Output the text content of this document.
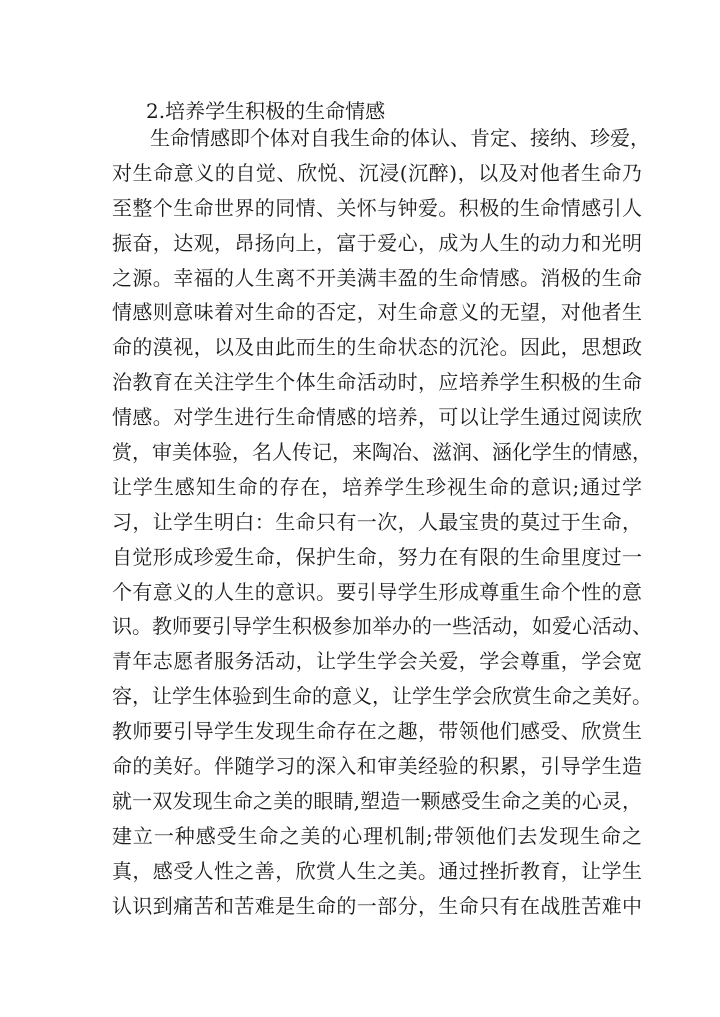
2.培养学生积极的生命情感
生命情感即个体对自我生命的体认、肯定、接纳、珍爱，
对生命意义的自觉、欣悦、沉浸(沉醉)，以及对他者生命乃
至整个生命世界的同情、关怀与钟爱。积极的生命情感引人
振奋，达观，昂扬向上，富于爱心，成为人生的动力和光明
之源。幸福的人生离不开美满丰盈的生命情感。消极的生命
情感则意味着对生命的否定，对生命意义的无望，对他者生
命的漠视，以及由此而生的生命状态的沉沦。因此，思想政
治教育在关注学生个体生命活动时，应培养学生积极的生命
情感。对学生进行生命情感的培养，可以让学生通过阅读欣
赏，审美体验，名人传记，来陶冶、滋润、涵化学生的情感，
让学生感知生命的存在，培养学生珍视生命的意识;通过学
习，让学生明白：生命只有一次，人最宝贵的莫过于生命，
自觉形成珍爱生命，保护生命，努力在有限的生命里度过一
个有意义的人生的意识。要引导学生形成尊重生命个性的意
识。教师要引导学生积极参加举办的一些活动，如爱心活动、
青年志愿者服务活动，让学生学会关爱，学会尊重，学会宽
容，让学生体验到生命的意义，让学生学会欣赏生命之美好。
教师要引导学生发现生命存在之趣，带领他们感受、欣赏生
命的美好。伴随学习的深入和审美经验的积累，引导学生造
就一双发现生命之美的眼睛,塑造一颗感受生命之美的心灵，
建立一种感受生命之美的心理机制;带领他们去发现生命之
真，感受人性之善，欣赏人生之美。通过挫折教育，让学生
认识到痛苦和苦难是生命的一部分，生命只有在战胜苦难中
